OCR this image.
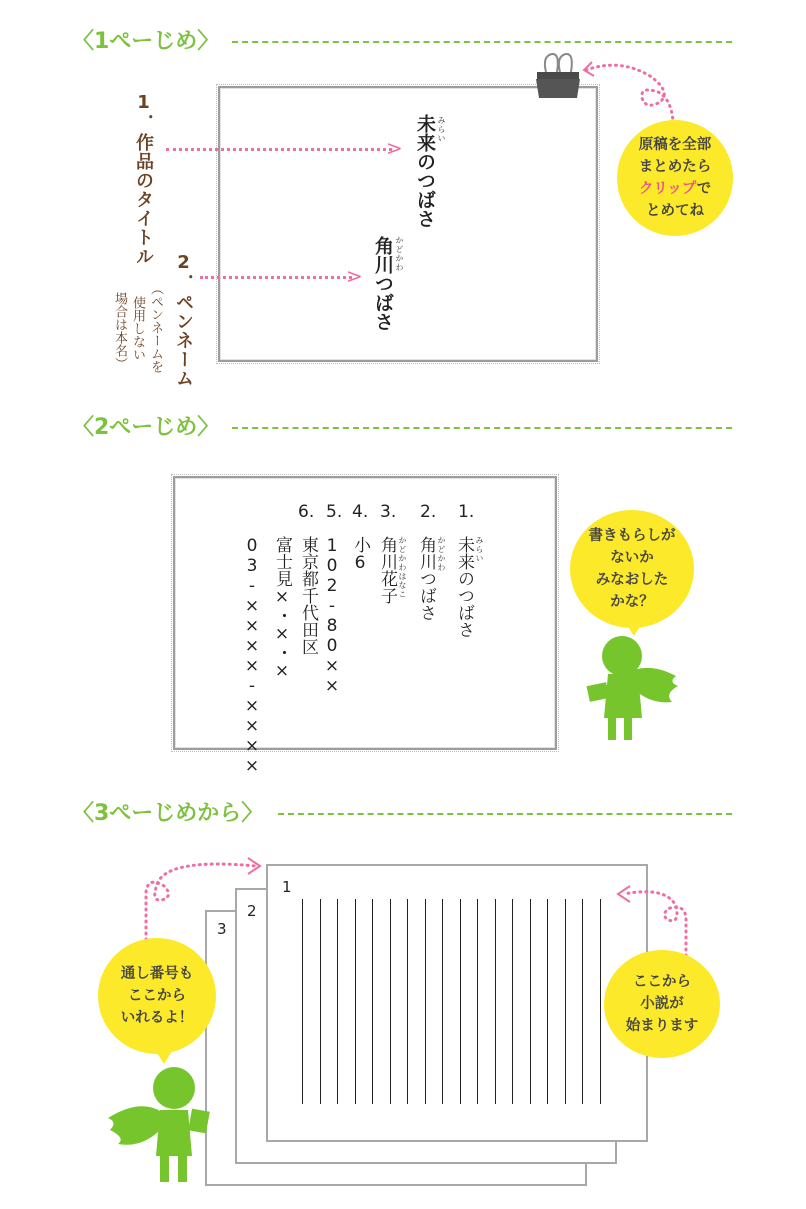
〈1ぺーじめ〉
1．作品のタイトル
2．ペンネーム
（ペンネームを
使用しない
場合は本名）
>
>
未来のつばさ みらい
角川つばさ かどかわ
原稿を全部
まとめたら
クリップで
とめてね
〈2ぺーじめ〉
1.
未来のつばさ みらい
2.
角川つばさ かどかわ
3.
角川花子 かどかわはなこ
4.
小6
5.
102-80××
6.
東京都千代田区
富士見×・×・×
03-××××-××××	書きもらしが
ないか
みなおした
かな？
〈3ぺーじめから〉
3
2
1
通し番号も
ここから
いれるよ！
ここから
小説が
始まります
